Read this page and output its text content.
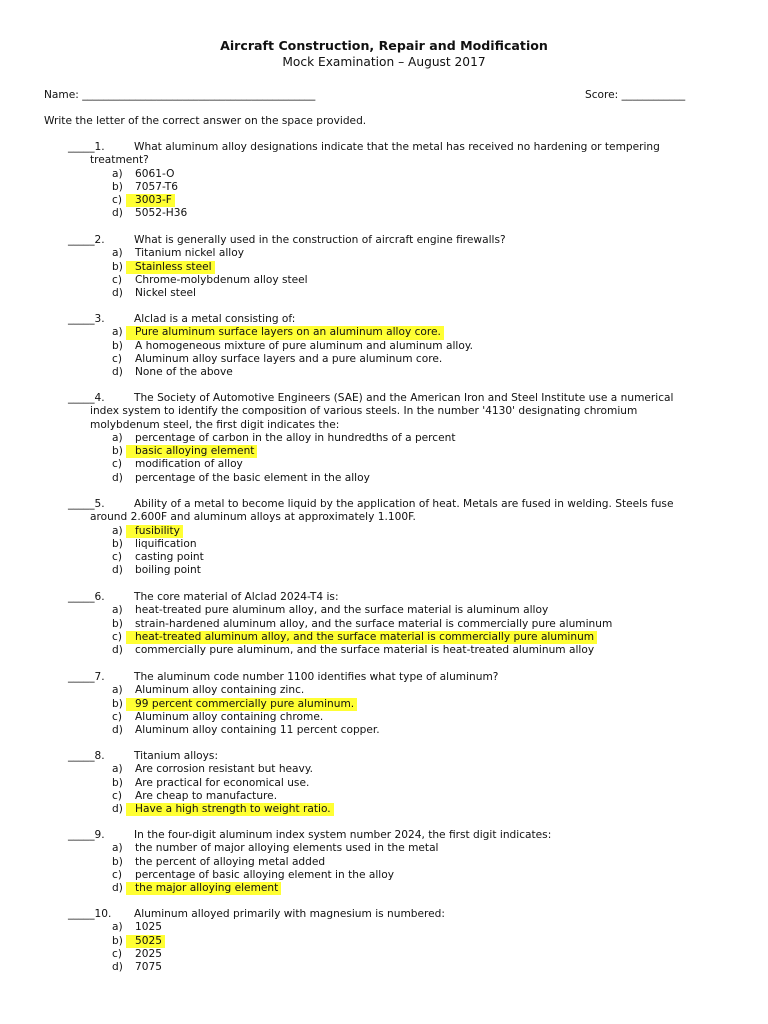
Aircraft Construction, Repair and Modification
Mock Examination – August 2017
Name: ____________________________________________	Score: ____________
Write the letter of the correct answer on the space provided.
_____1.	What aluminum alloy designations indicate that the metal has received no hardening or tempering treatment?
a) 6061-O
b) 7057-T6
c)	3003-F
d) 5052-H36
_____2.	What is generally used in the construction of aircraft engine firewalls?
a) Titanium nickel alloy
b)	Stainless steel
c) Chrome-molybdenum alloy steel
d) Nickel steel
_____3.	Alclad is a metal consisting of:
a)	Pure aluminum surface layers on an aluminum alloy core.
b) A homogeneous mixture of pure aluminum and aluminum alloy.
c) Aluminum alloy surface layers and a pure aluminum core.
d) None of the above
_____4.	The Society of Automotive Engineers (SAE) and the American Iron and Steel Institute use a numerical index system to identify the composition of various steels. In the number '4130' designating chromium molybdenum steel, the first digit indicates the:
a) percentage of carbon in the alloy in hundredths of a percent
b)	basic alloying element
c) modification of alloy
d) percentage of the basic element in the alloy
_____5.	Ability of a metal to become liquid by the application of heat. Metals are fused in welding. Steels fuse around 2.600F and aluminum alloys at approximately 1.100F.
a)	fusibility
b) liquification
c) casting point
d) boiling point
_____6.	The core material of Alclad 2024-T4 is:
a) heat-treated pure aluminum alloy, and the surface material is aluminum alloy
b) strain-hardened aluminum alloy, and the surface material is commercially pure aluminum
c)	heat-treated aluminum alloy, and the surface material is commercially pure aluminum
d) commercially pure aluminum, and the surface material is heat-treated aluminum alloy
_____7.	The aluminum code number 1100 identifies what type of aluminum?
a) Aluminum alloy containing zinc.
b)	99 percent commercially pure aluminum.
c) Aluminum alloy containing chrome.
d) Aluminum alloy containing 11 percent copper.
_____8.	Titanium alloys:
a) Are corrosion resistant but heavy.
b) Are practical for economical use.
c) Are cheap to manufacture.
d)	Have a high strength to weight ratio.
_____9.	In the four-digit aluminum index system number 2024, the first digit indicates:
a) the number of major alloying elements used in the metal
b) the percent of alloying metal added
c) percentage of basic alloying element in the alloy
d)	the major alloying element
_____10.	Aluminum alloyed primarily with magnesium is numbered:
a) 1025
b)	5025
c) 2025
d) 7075
